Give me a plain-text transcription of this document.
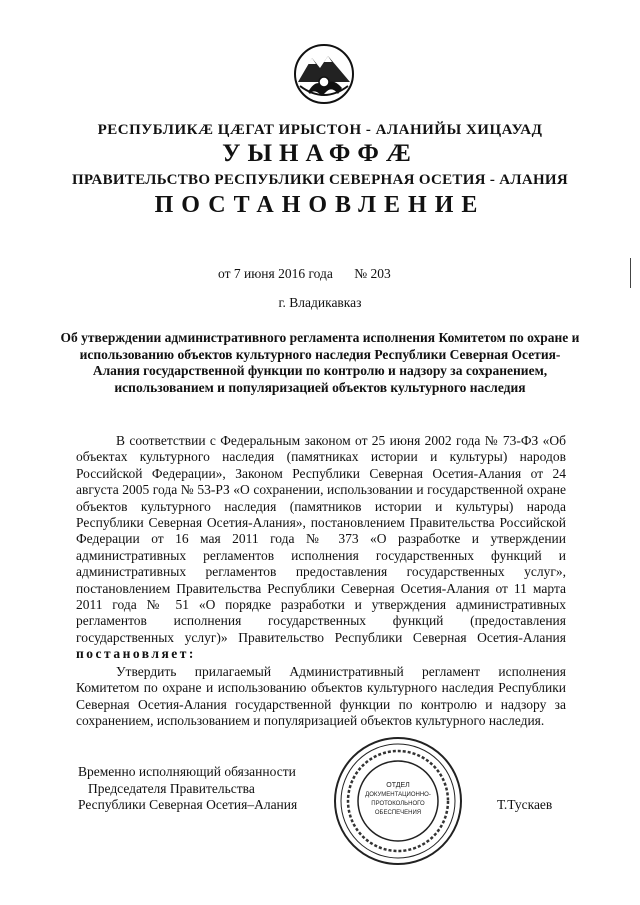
РЕСПУБЛИКÆ ЦÆГАТ ИРЫСТОН - АЛАНИЙЫ ХИЦАУАД
УЫНАФФÆ
ПРАВИТЕЛЬСТВО РЕСПУБЛИКИ СЕВЕРНАЯ ОСЕТИЯ - АЛАНИЯ
ПОСТАНОВЛЕНИЕ
от 7 июня 2016 года № 203
г. Владикавказ
Об утверждении административного регламента исполнения Комитетом по охране и использованию объектов культурного наследия Республики Северная Осетия-Алания государственной функции по контролю и надзору за сохранением, использованием и популяризацией объектов культурного наследия
В соответствии с Федеральным законом от 25 июня 2002 года № 73-ФЗ «Об объектах культурного наследия (памятниках истории и культуры) народов Российской Федерации», Законом Республики Северная Осетия-Алания от 24 августа 2005 года № 53-РЗ «О сохранении, использовании и государственной охране объектов культурного наследия (памятников истории и культуры) народа Республики Северная Осетия-Алания», постановлением Правительства Российской Федерации от 16 мая 2011 года № 373 «О разработке и утверждении административных регламентов исполнения государственных функций и административных регламентов предоставления государственных услуг», постановлением Правительства Республики Северная Осетия-Алания от 11 марта 2011 года № 51 «О порядке разработки и утверждения административных регламентов исполнения государственных функций (предоставления государственных услуг)» Правительство Республики Северная Осетия-Алания постановляет:
Утвердить прилагаемый Административный регламент исполнения Комитетом по охране и использованию объектов культурного наследия Республики Северная Осетия-Алания государственной функции по контролю и надзору за сохранением, использованием и популяризацией объектов культурного наследия.
Временно исполняющий обязанности
Председателя Правительства
Республики Северная Осетия–Алания
ОТДЕЛ
ДОКУМЕНТАЦИОННО-
ПРОТОКОЛЬНОГО
ОБЕСПЕЧЕНИЯ
Т.Тускаев
